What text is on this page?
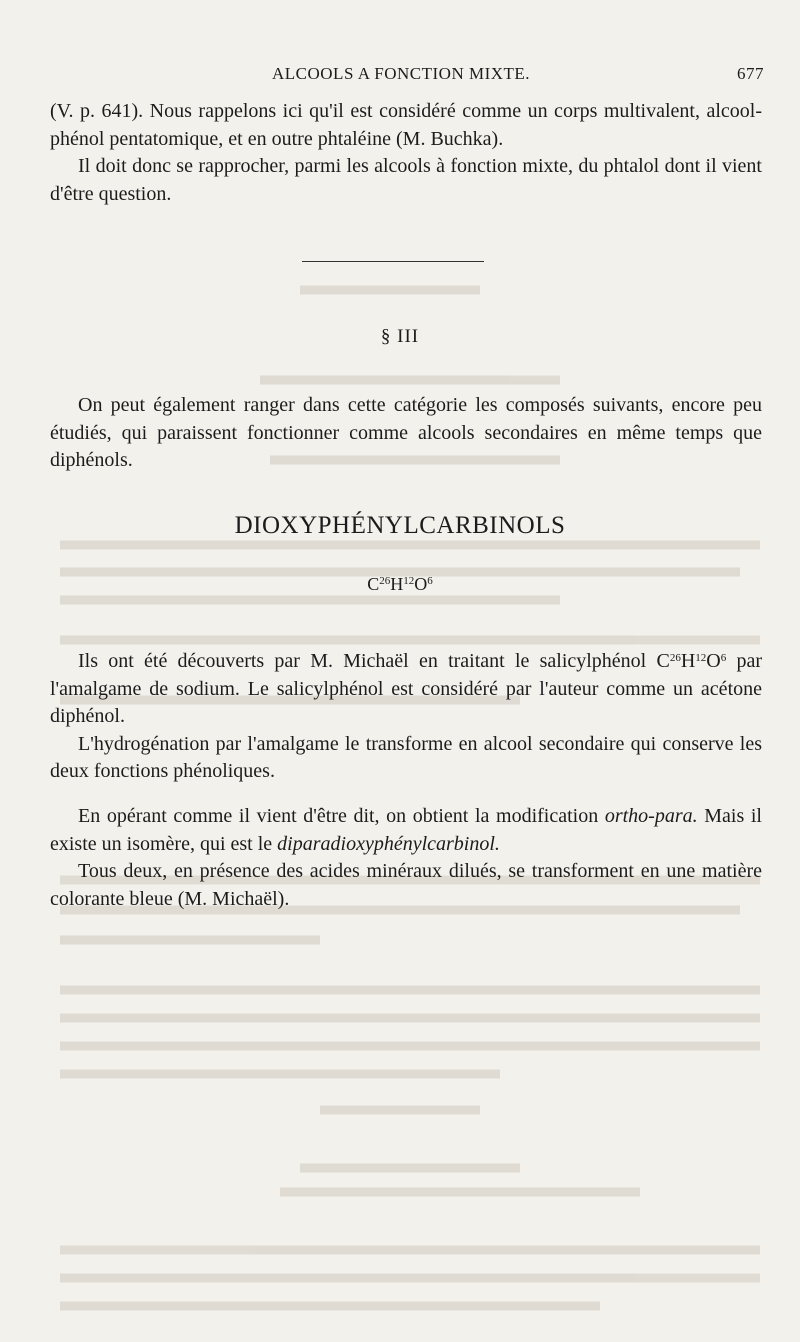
ALCOOLS A FONCTION MIXTE.	677

(V. p. 641). Nous rappelons ici qu'il est considéré comme un corps multivalent, alcool-phénol pentatomique, et en outre phtaléine (M. Buchka).

Il doit donc se rapprocher, parmi les alcools à fonction mixte, du phtalol dont il vient d'être question.

§ III

On peut également ranger dans cette catégorie les composés suivants, encore peu étudiés, qui paraissent fonctionner comme alcools secondaires en même temps que diphénols.

DIOXYPHÉNYLCARBINOLS
$C^{26}H^{12}O^6$

Ils ont été découverts par M. Michaël en traitant le salicylphénol $C^{26}H^{12}O^6$ par l'amalgame de sodium. Le salicylphénol est considéré par l'auteur comme un acétone diphénol.

L'hydrogénation par l'amalgame le transforme en alcool secondaire qui conserve les deux fonctions phénoliques.

En opérant comme il vient d'être dit, on obtient la modification ortho-para. Mais il existe un isomère, qui est le diparadioxyphénylcarbinol.

Tous deux, en présence des acides minéraux dilués, se transforment en une matière colorante bleue (M. Michaël).
